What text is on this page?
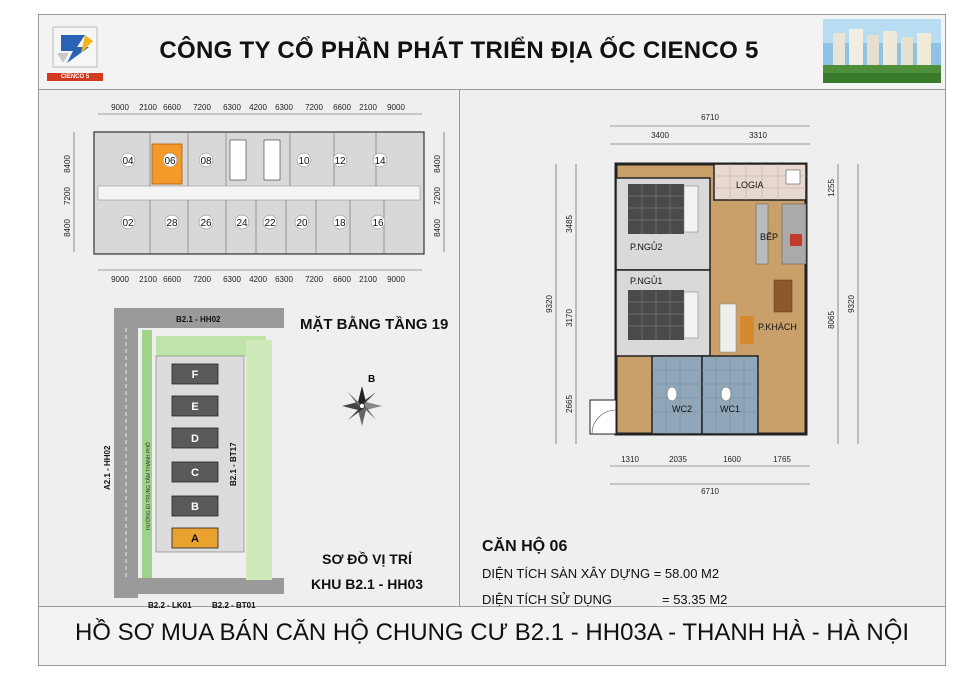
CIENCO 5
CÔNG TY CỔ PHẦN PHÁT TRIỂN ĐỊA ỐC CIENCO 5
HỒ SƠ MUA BÁN CĂN HỘ CHUNG CƯ B2.1 - HH03A - THANH HÀ - HÀ NỘI
04	06 08	10 12	14
02	28 26 24 22 20	18	16
9000 2100 6600 7200 6300 4200 6300 7200 6600 2100 9000
9000 2100 6600 7200 6300 4200 6300 7200 6600 2100 9000
8400
7200
8400
8400
7200
8400
MẶT BẰNG TẦNG 19
F
E
D
C
B
A
B2.1 - HH02
A2.1 - HH02	B2.1 - BT17
B2.2 - LK01	B2.2 - BT01
HƯỚNG ĐI TRUNG TÂM THÀNH PHỐ
B
SƠ ĐỒ VỊ TRÍ
KHU B2.1 - HH03
6710
3400	3310
1310	2035	1600	1765
6710
9320
3485
3170
2665
1255
8065
9320
LOGIA
BẾP
P.NGỦ2
P.NGỦ1
P.KHÁCH
WC2	WC1
CĂN HỘ 06
DIỆN TÍCH SÀN XÂY DỰNG = 58.00 M2
DIỆN TÍCH SỬ DỤNG	= 53.35 M2
